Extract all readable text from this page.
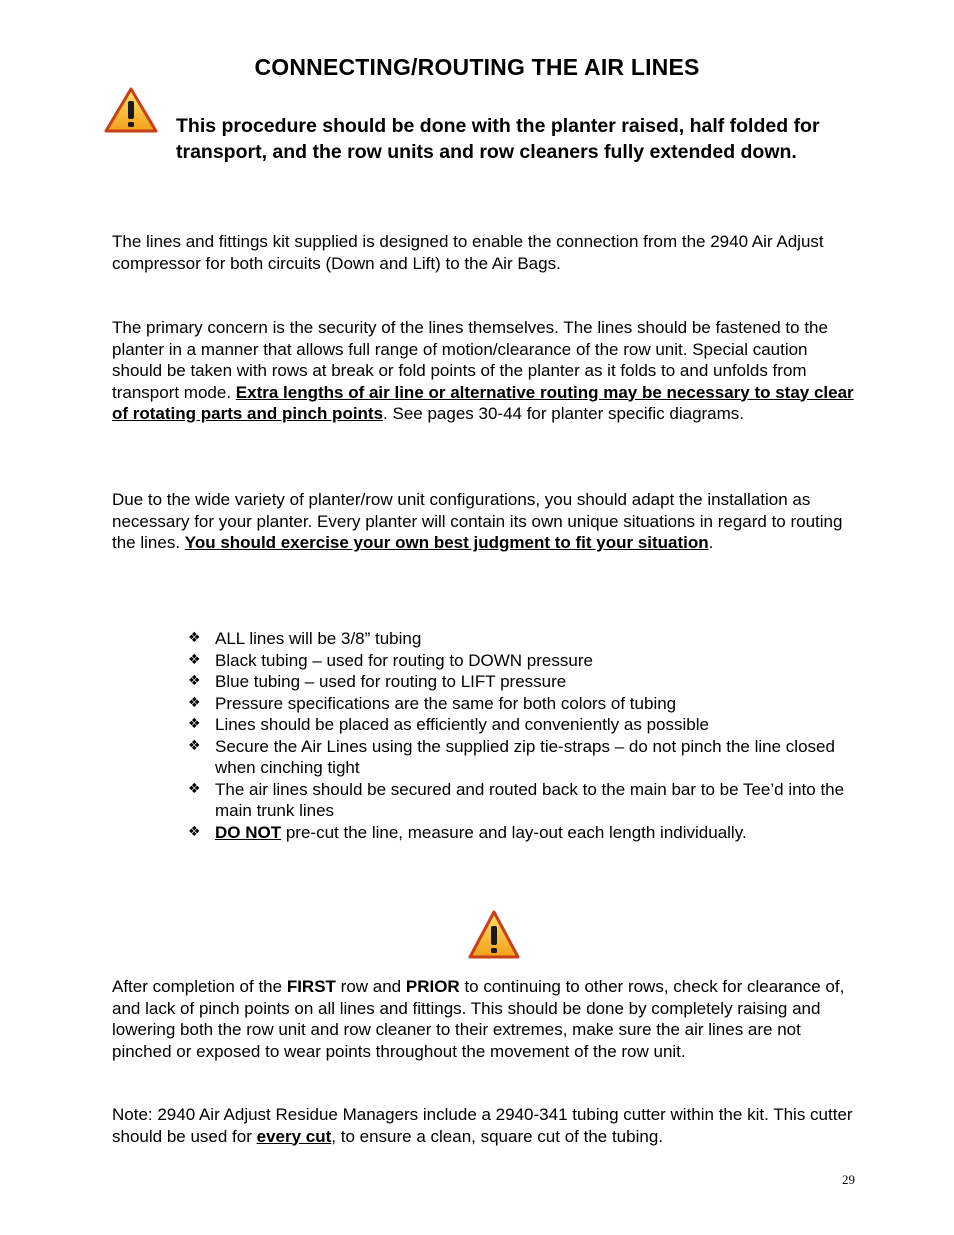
CONNECTING/ROUTING THE AIR LINES
This procedure should be done with the planter raised, half folded for transport, and the row units and row cleaners fully extended down.

The lines and fittings kit supplied is designed to enable the connection from the 2940 Air Adjust compressor for both circuits (Down and Lift) to the Air Bags.

The primary concern is the security of the lines themselves. The lines should be fastened to the planter in a manner that allows full range of motion/clearance of the row unit. Special caution should be taken with rows at break or fold points of the planter as it folds to and unfolds from transport mode. Extra lengths of air line or alternative routing may be necessary to stay clear of rotating parts and pinch points. See pages 30-44 for planter specific diagrams.

Due to the wide variety of planter/row unit configurations, you should adapt the installation as necessary for your planter. Every planter will contain its own unique situations in regard to routing the lines. You should exercise your own best judgment to fit your situation.

❖ ALL lines will be 3/8” tubing
❖ Black tubing – used for routing to DOWN pressure
❖ Blue tubing – used for routing to LIFT pressure
❖ Pressure specifications are the same for both colors of tubing
❖ Lines should be placed as efficiently and conveniently as possible
❖ Secure the Air Lines using the supplied zip tie-straps – do not pinch the line closed when cinching tight
❖ The air lines should be secured and routed back to the main bar to be Tee’d into the main trunk lines
❖ DO NOT pre-cut the line, measure and lay-out each length individually.

After completion of the FIRST row and PRIOR to continuing to other rows, check for clearance of, and lack of pinch points on all lines and fittings. This should be done by completely raising and lowering both the row unit and row cleaner to their extremes, make sure the air lines are not pinched or exposed to wear points throughout the movement of the row unit.

Note: 2940 Air Adjust Residue Managers include a 2940-341 tubing cutter within the kit. This cutter should be used for every cut, to ensure a clean, square cut of the tubing.

29
